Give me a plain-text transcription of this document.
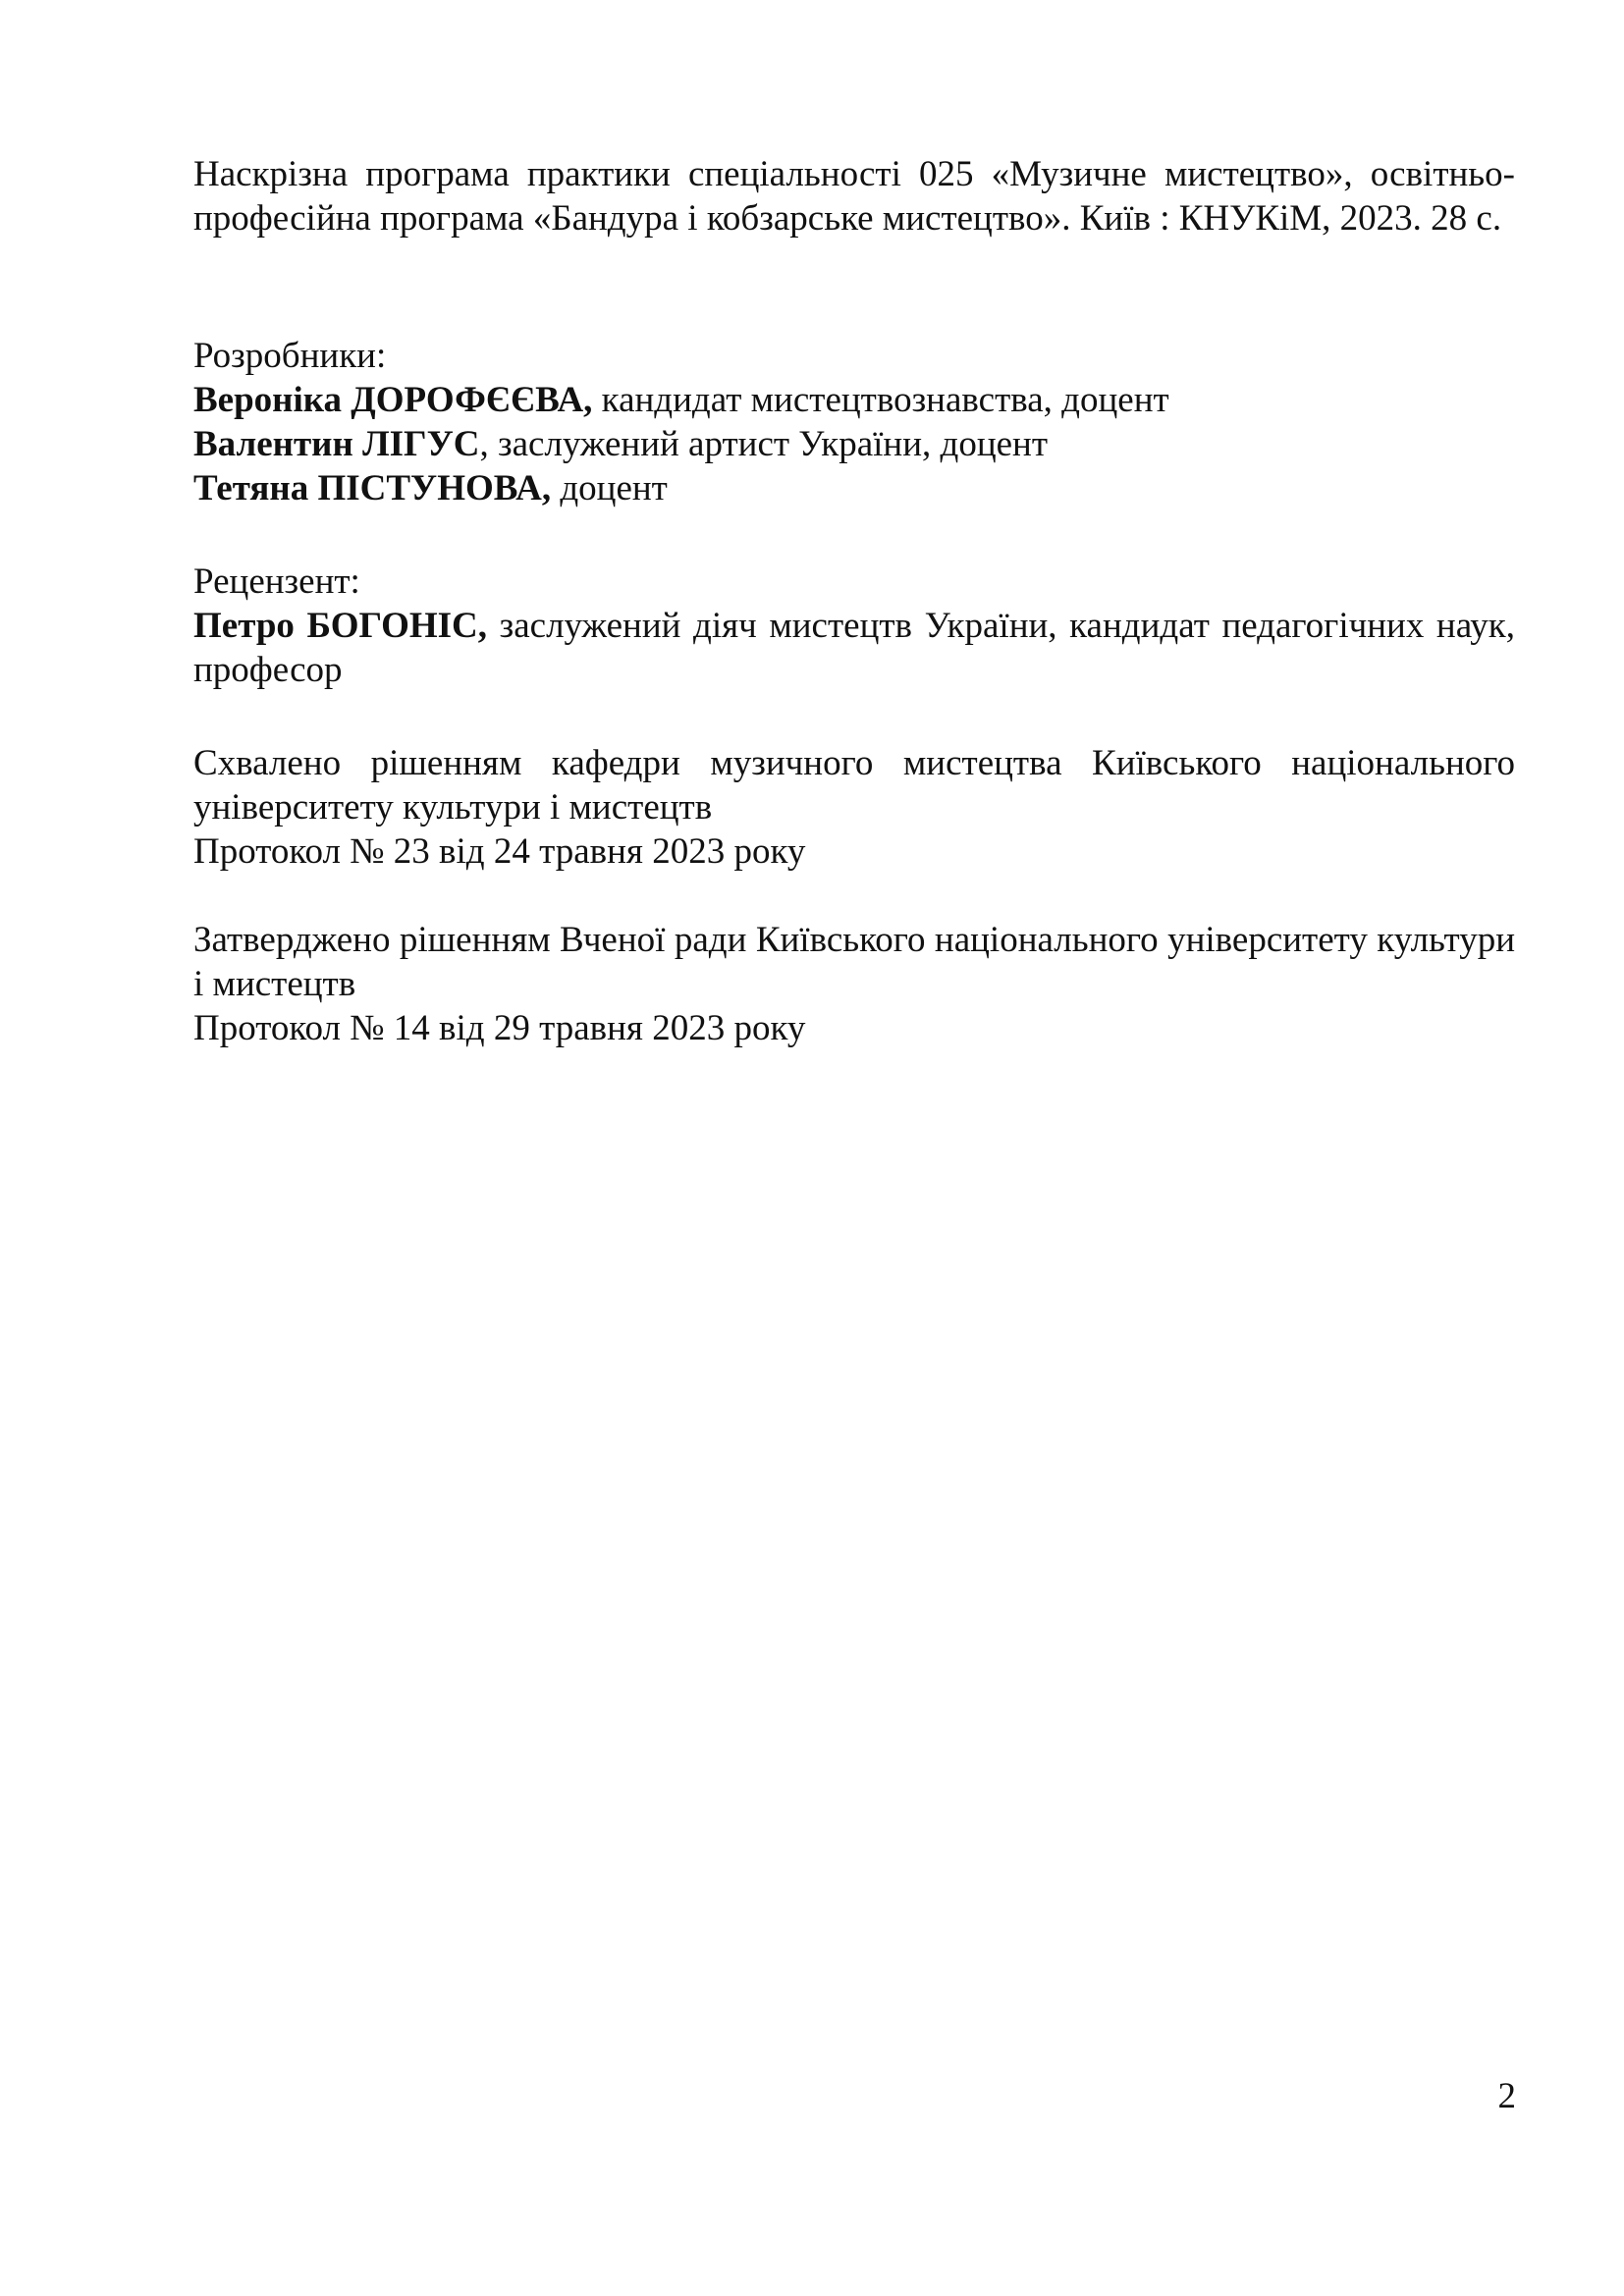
Наскрізна програма практики спеціальності 025 «Музичне мистецтво», освітньо-професійна програма «Бандура і кобзарське мистецтво». Київ : КНУКіМ, 2023. 28 с.
Розробники:
Вероніка ДОРОФЄЄВА, кандидат мистецтвознавства, доцент
Валентин ЛІГУС, заслужений артист України, доцент
Тетяна ПІСТУНОВА, доцент
Рецензент:
Петро БОГОНІС, заслужений діяч мистецтв України, кандидат педагогічних наук, професор
Схвалено рішенням кафедри музичного мистецтва Київського національного університету культури і мистецтв
Протокол № 23 від 24 травня 2023 року
Затверджено рішенням Вченої ради Київського національного університету культури і мистецтв
Протокол № 14 від 29 травня 2023 року
2
